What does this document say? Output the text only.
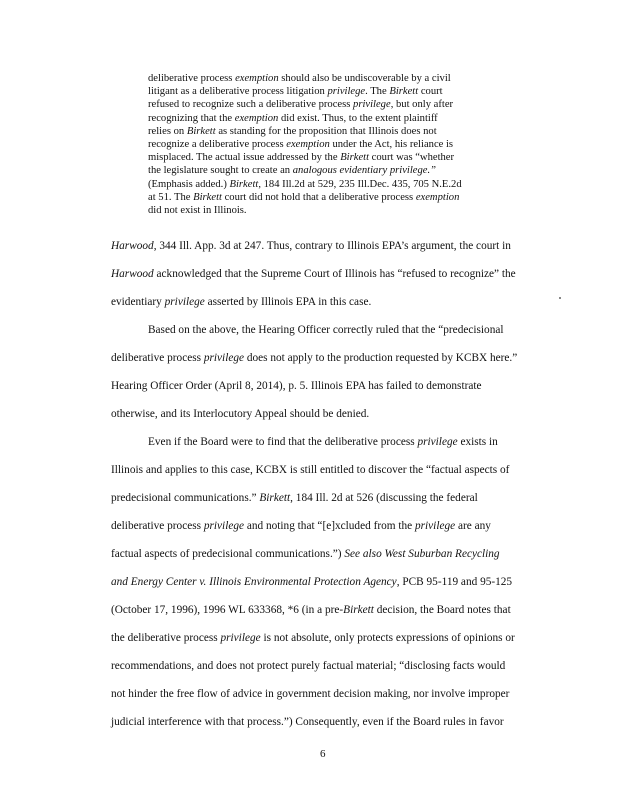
deliberative process exemption should also be undiscoverable by a civil
litigant as a deliberative process litigation privilege. The Birkett court
refused to recognize such a deliberative process privilege, but only after
recognizing that the exemption did exist. Thus, to the extent plaintiff
relies on Birkett as standing for the proposition that Illinois does not
recognize a deliberative process exemption under the Act, his reliance is
misplaced. The actual issue addressed by the Birkett court was “whether
the legislature sought to create an analogous evidentiary privilege.”
(Emphasis added.) Birkett, 184 Ill.2d at 529, 235 Ill.Dec. 435, 705 N.E.2d
at 51. The Birkett court did not hold that a deliberative process exemption
did not exist in Illinois.
Harwood, 344 Ill. App. 3d at 247. Thus, contrary to Illinois EPA’s argument, the court in
Harwood acknowledged that the Supreme Court of Illinois has “refused to recognize” the
evidentiary privilege asserted by Illinois EPA in this case.
Based on the above, the Hearing Officer correctly ruled that the “predecisional
deliberative process privilege does not apply to the production requested by KCBX here.”
Hearing Officer Order (April 8, 2014), p. 5. Illinois EPA has failed to demonstrate
otherwise, and its Interlocutory Appeal should be denied.
Even if the Board were to find that the deliberative process privilege exists in
Illinois and applies to this case, KCBX is still entitled to discover the “factual aspects of
predecisional communications.” Birkett, 184 Ill. 2d at 526 (discussing the federal
deliberative process privilege and noting that “[e]xcluded from the privilege are any
factual aspects of predecisional communications.”) See also West Suburban Recycling
and Energy Center v. Illinois Environmental Protection Agency, PCB 95-119 and 95-125
(October 17, 1996), 1996 WL 633368, *6 (in a pre-Birkett decision, the Board notes that
the deliberative process privilege is not absolute, only protects expressions of opinions or
recommendations, and does not protect purely factual material; “disclosing facts would
not hinder the free flow of advice in government decision making, nor involve improper
judicial interference with that process.”) Consequently, even if the Board rules in favor
6
